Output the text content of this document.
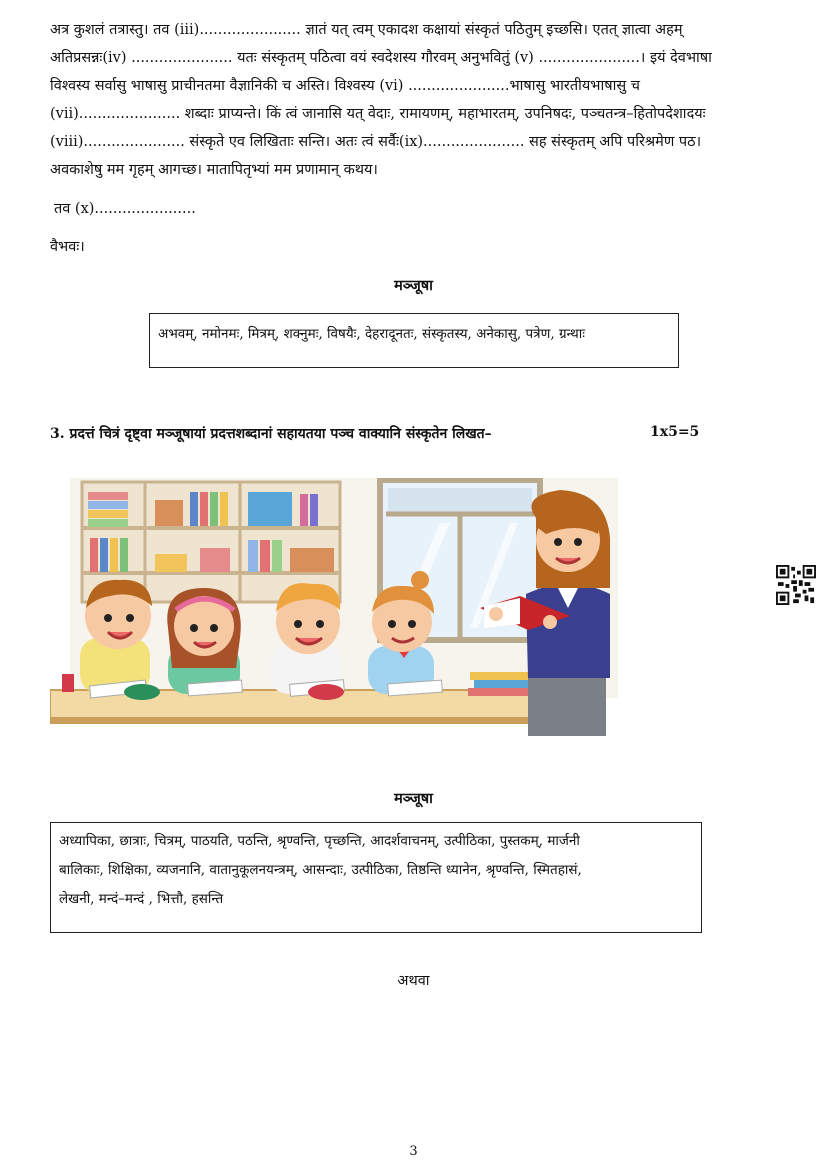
अत्र कुशलं तत्रास्तु। तव (iii)...................... ज्ञातं यत् त्वम् एकादश कक्षायां संस्कृतं पठितुम् इच्छसि। एतत् ज्ञात्वा अहम्
अतिप्रसन्नः(iv) ...................... यतः संस्कृतम् पठित्वा वयं स्वदेशस्य गौरवम् अनुभवितुं (v) ......................। इयं देवभाषा
विश्वस्य सर्वासु भाषासु प्राचीनतमा वैज्ञानिकी च अस्ति। विश्वस्य (vi) ......................भाषासु भारतीयभाषासु च
(vii)...................... शब्दाः प्राप्यन्ते। किं त्वं जानासि यत् वेदाः, रामायणम्, महाभारतम्, उपनिषदः, पञ्चतन्त्र–हितोपदेशादयः
(viii)...................... संस्कृते एव लिखिताः सन्ति। अतः त्वं सर्वैः(ix)...................... सह संस्कृतम् अपि परिश्रमेण पठ।
अवकाशेषु मम गृहम् आगच्छ। मातापितृभ्यां मम प्रणामान् कथय।
तव (x)......................
वैभवः।
मञ्जूषा
अभवम्, नमोनमः, मित्रम्, शक्नुमः, विषयैः, देहरादूनतः, संस्कृतस्य, अनेकासु, पत्रेण, ग्रन्थाः
3. प्रदत्तं चित्रं दृष्ट्वा मञ्जूषायां प्रदत्तशब्दानां सहायतया पञ्च वाक्यानि संस्कृतेन लिखत–	1x5=5
मञ्जूषा
अध्यापिका, छात्राः, चित्रम्, पाठयति, पठन्ति, श्रृण्वन्ति, पृच्छन्ति, आदर्शवाचनम्, उत्पीठिका, पुस्तकम्, मार्जनी
बालिकाः, शिक्षिका, व्यजनानि, वातानुकूलनयन्त्रम्, आसन्दाः, उत्पीठिका, तिष्ठन्ति ध्यानेन, श्रृण्वन्ति, स्मितहासं,
लेखनी, मन्दं–मन्दं , भित्तौ, हसन्ति
अथवा
3
